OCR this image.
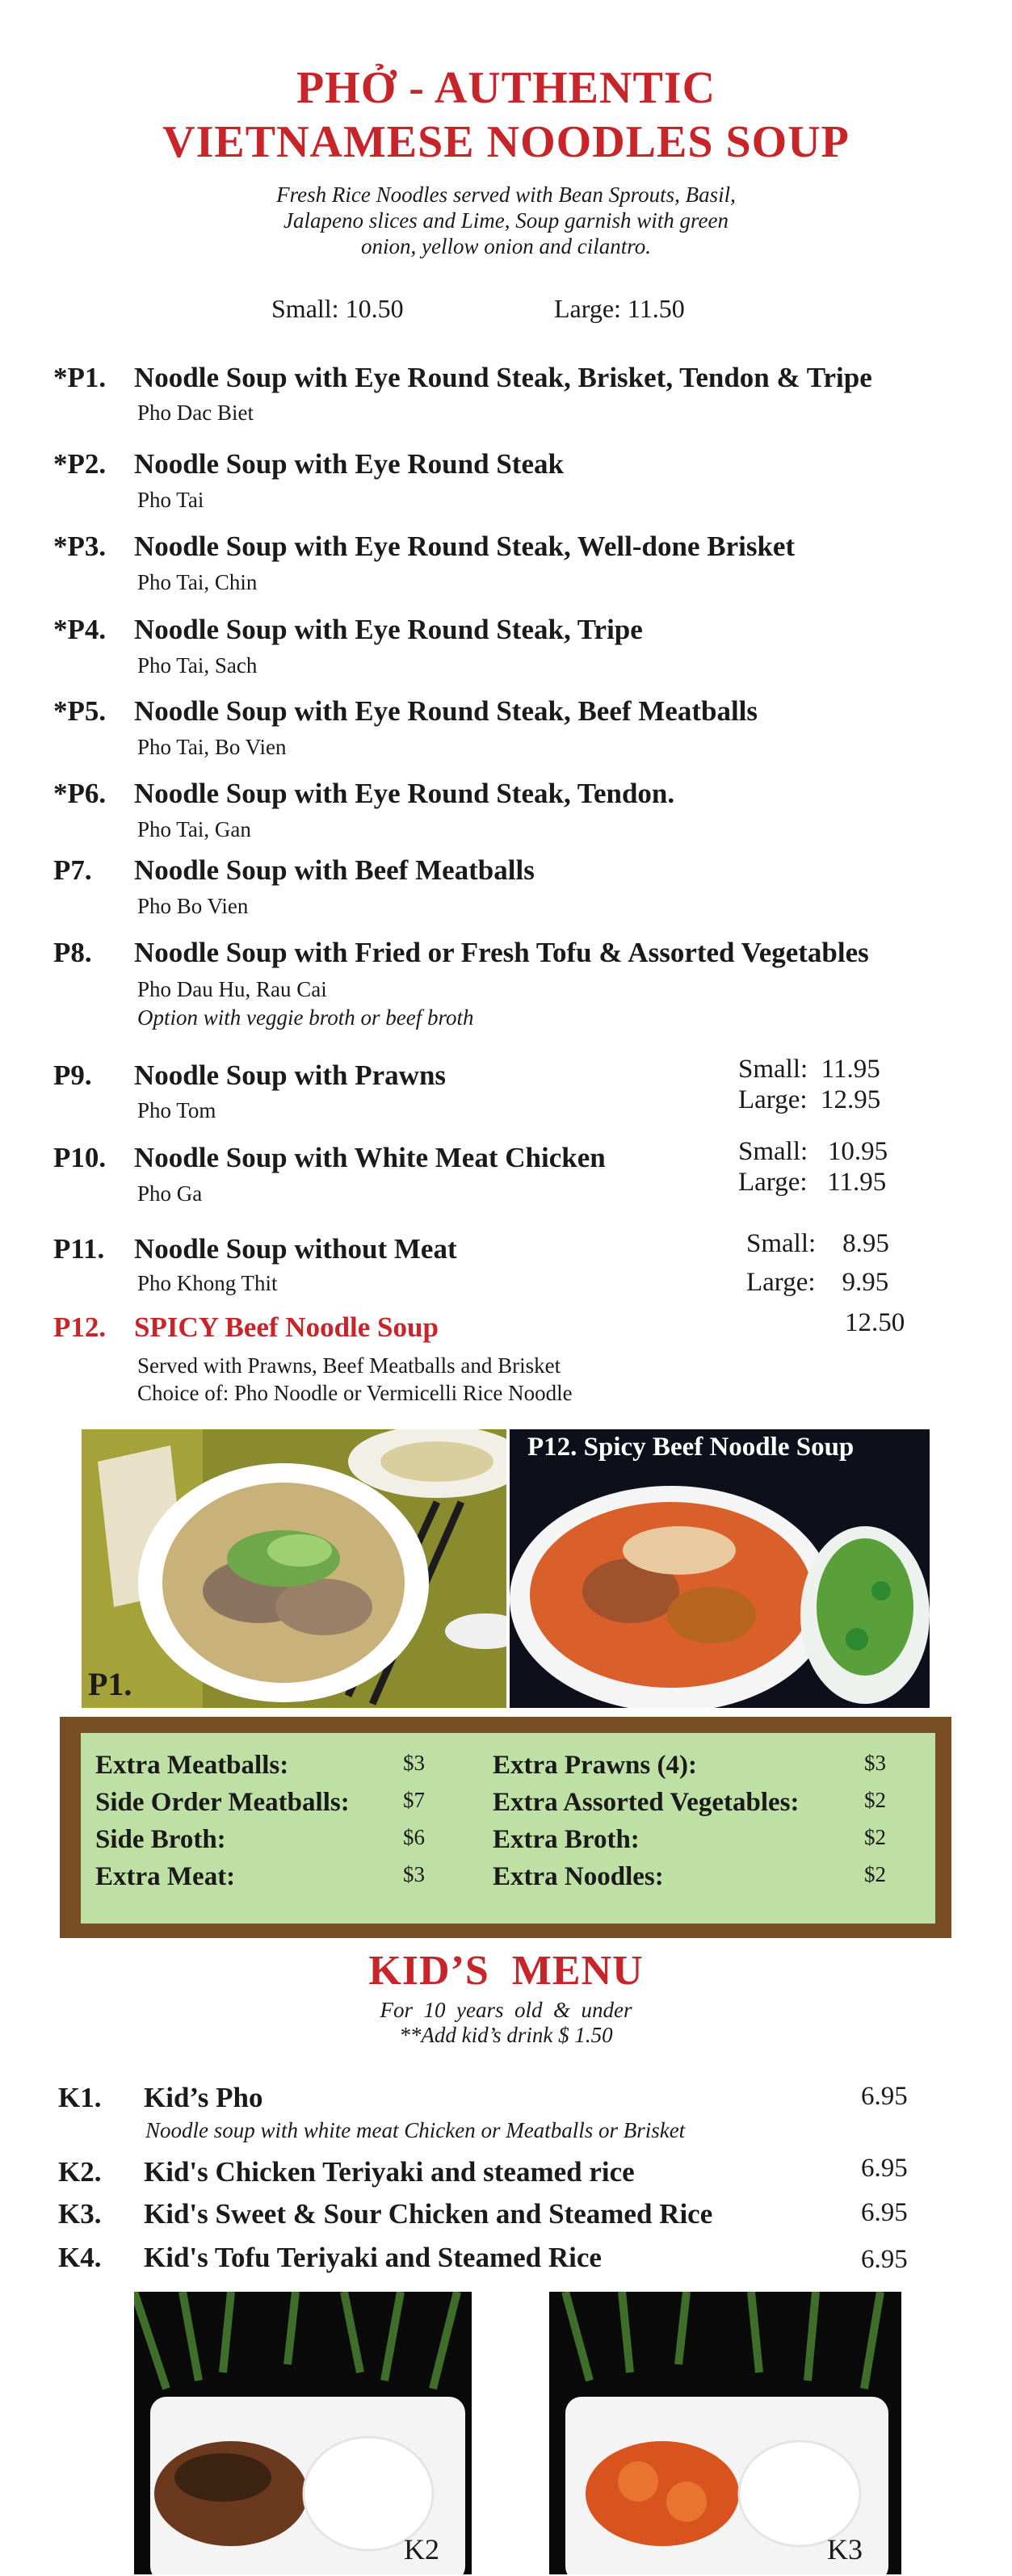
PHỞ - AUTHENTIC
VIETNAMESE NOODLES SOUP
Fresh Rice Noodles served with Bean Sprouts, Basil,
Jalapeno slices and Lime, Soup garnish with green
onion, yellow onion and cilantro.
Small: 10.50	Large: 11.50
*P1. Noodle Soup with Eye Round Steak, Brisket, Tendon & Tripe
Pho Dac Biet
*P2. Noodle Soup with Eye Round Steak
Pho Tai
*P3. Noodle Soup with Eye Round Steak, Well-done Brisket
Pho Tai, Chin
*P4. Noodle Soup with Eye Round Steak, Tripe
Pho Tai, Sach
*P5. Noodle Soup with Eye Round Steak, Beef Meatballs
Pho Tai, Bo Vien
*P6. Noodle Soup with Eye Round Steak, Tendon.
Pho Tai, Gan
P7. Noodle Soup with Beef Meatballs
Pho Bo Vien
P8. Noodle Soup with Fried or Fresh Tofu & Assorted Vegetables
Pho Dau Hu, Rau Cai
Option with veggie broth or beef broth
P9. Noodle Soup with Prawns
Pho Tom
Small:  11.95
Large:  12.95
P10. Noodle Soup with White Meat Chicken
Pho Ga
Small:   10.95
Large:   11.95
P11. Noodle Soup without Meat
Pho Khong Thit
Small:    8.95
Large:    9.95
P12. SPICY Beef Noodle Soup	12.50
Served with Prawns, Beef Meatballs and Brisket
Choice of: Pho Noodle or Vermicelli Rice Noodle
P1.
P12. Spicy Beef Noodle Soup
Extra Meatballs:	$3
Side Order Meatballs: $7
Side Broth:	$6
Extra Meat:	$3
Extra Prawns (4):	$3
Extra Assorted Vegetables:	$2
Extra Broth:	$2
Extra Noodles:	$2
KID’S  MENU
For  10  years  old  &  under
**Add kid’s drink $ 1.50
K1. Kid’s Pho	6.95
Noodle soup with white meat Chicken or Meatballs or Brisket
K2. Kid's Chicken Teriyaki and steamed rice	6.95
K3. Kid's Sweet & Sour Chicken and Steamed Rice	6.95
K4. Kid's Tofu Teriyaki and Steamed Rice	6.95
K2	K3
